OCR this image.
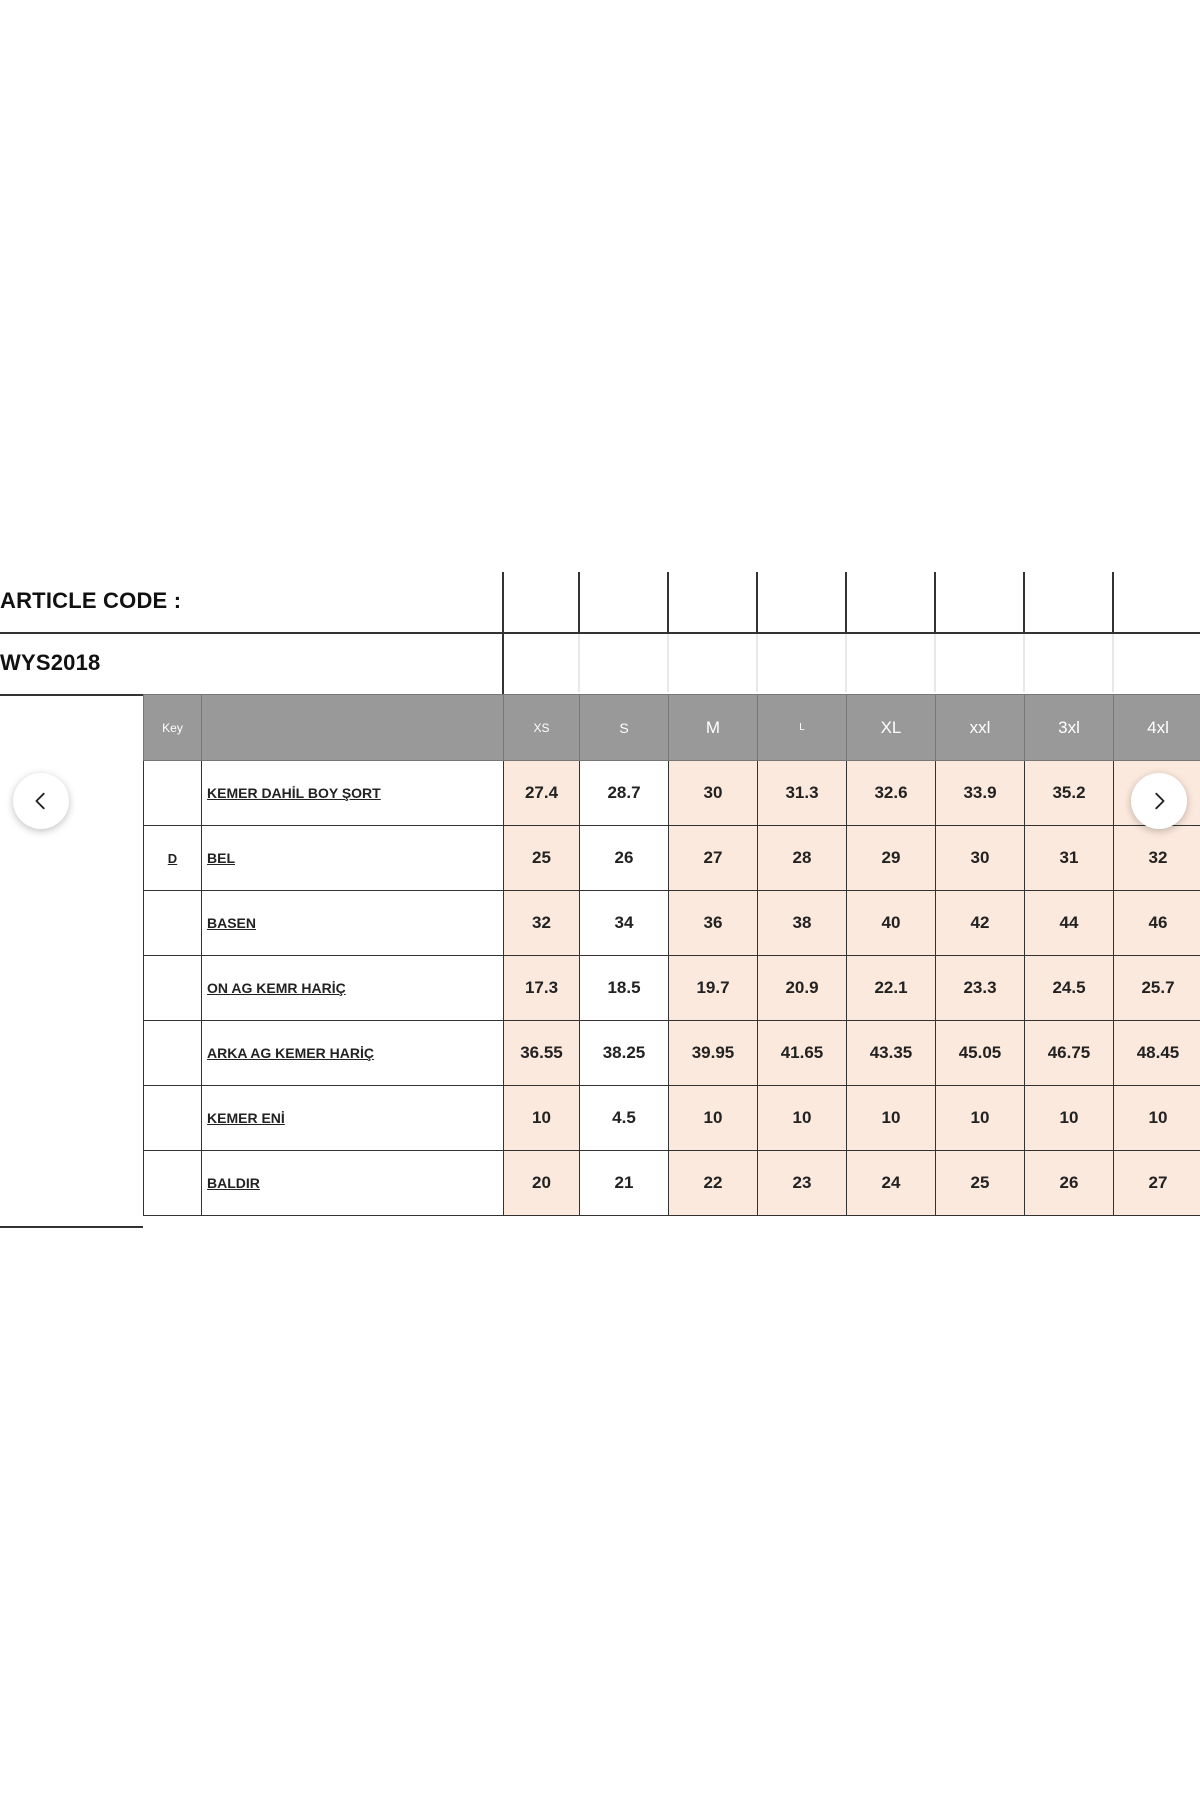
ARTICLE CODE :
WYS2018
Key		XS	S	M	L	XL	xxl	3xl	4xl
	KEMER DAHİL BOY ŞORT	27.4	28.7	30	31.3	32.6	33.9	35.2	
D	BEL	25	26	27	28	29	30	31	32
	BASEN	32	34	36	38	40	42	44	46
	ON AG KEMR HARİÇ	17.3	18.5	19.7	20.9	22.1	23.3	24.5	25.7
	ARKA AG KEMER HARİÇ	36.55	38.25	39.95	41.65	43.35	45.05	46.75	48.45
	KEMER ENİ	10	4.5	10	10	10	10	10	10
	BALDIR	20	21	22	23	24	25	26	27
